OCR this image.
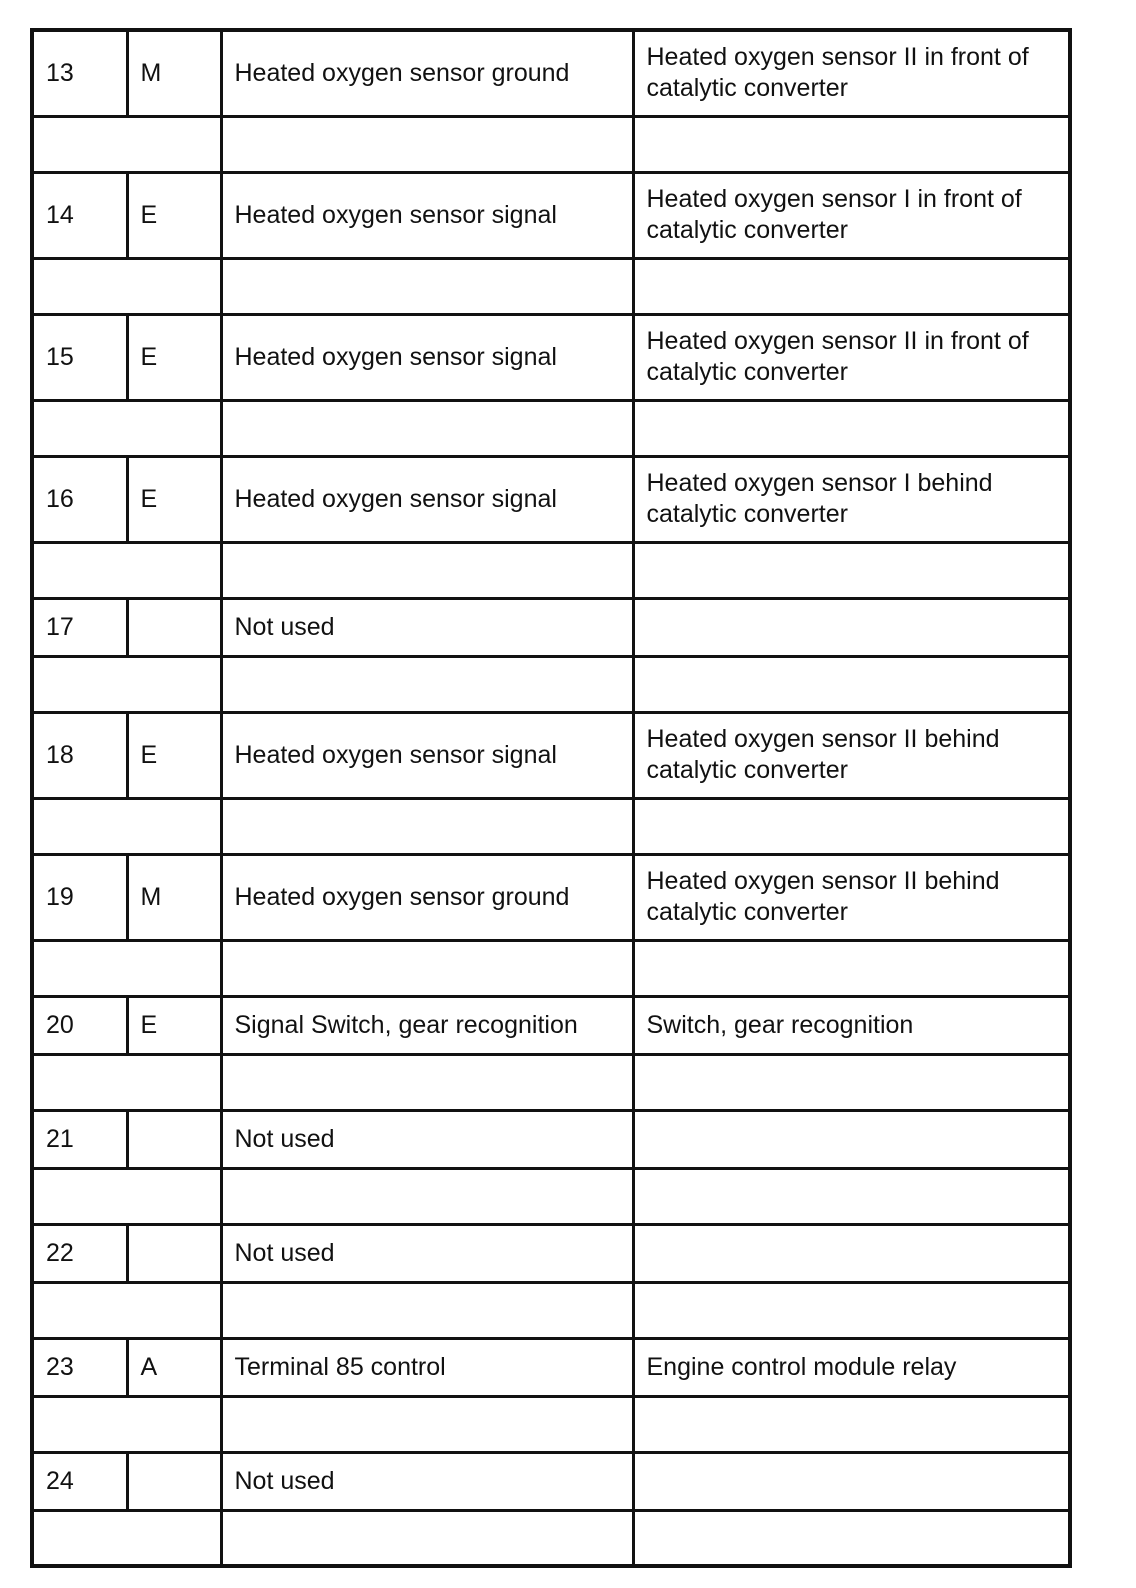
13	M	Heated oxygen sensor ground	Heated oxygen sensor II in front of catalytic converter

14	E	Heated oxygen sensor signal	Heated oxygen sensor I in front of catalytic converter

15	E	Heated oxygen sensor signal	Heated oxygen sensor II in front of catalytic converter

16	E	Heated oxygen sensor signal	Heated oxygen sensor I behind catalytic converter

17		Not used	

18	E	Heated oxygen sensor signal	Heated oxygen sensor II behind catalytic converter

19	M	Heated oxygen sensor ground	Heated oxygen sensor II behind catalytic converter

20	E	Signal Switch, gear recognition	Switch, gear recognition

21		Not used	

22		Not used	

23	A	Terminal 85 control	Engine control module relay

24		Not used	
